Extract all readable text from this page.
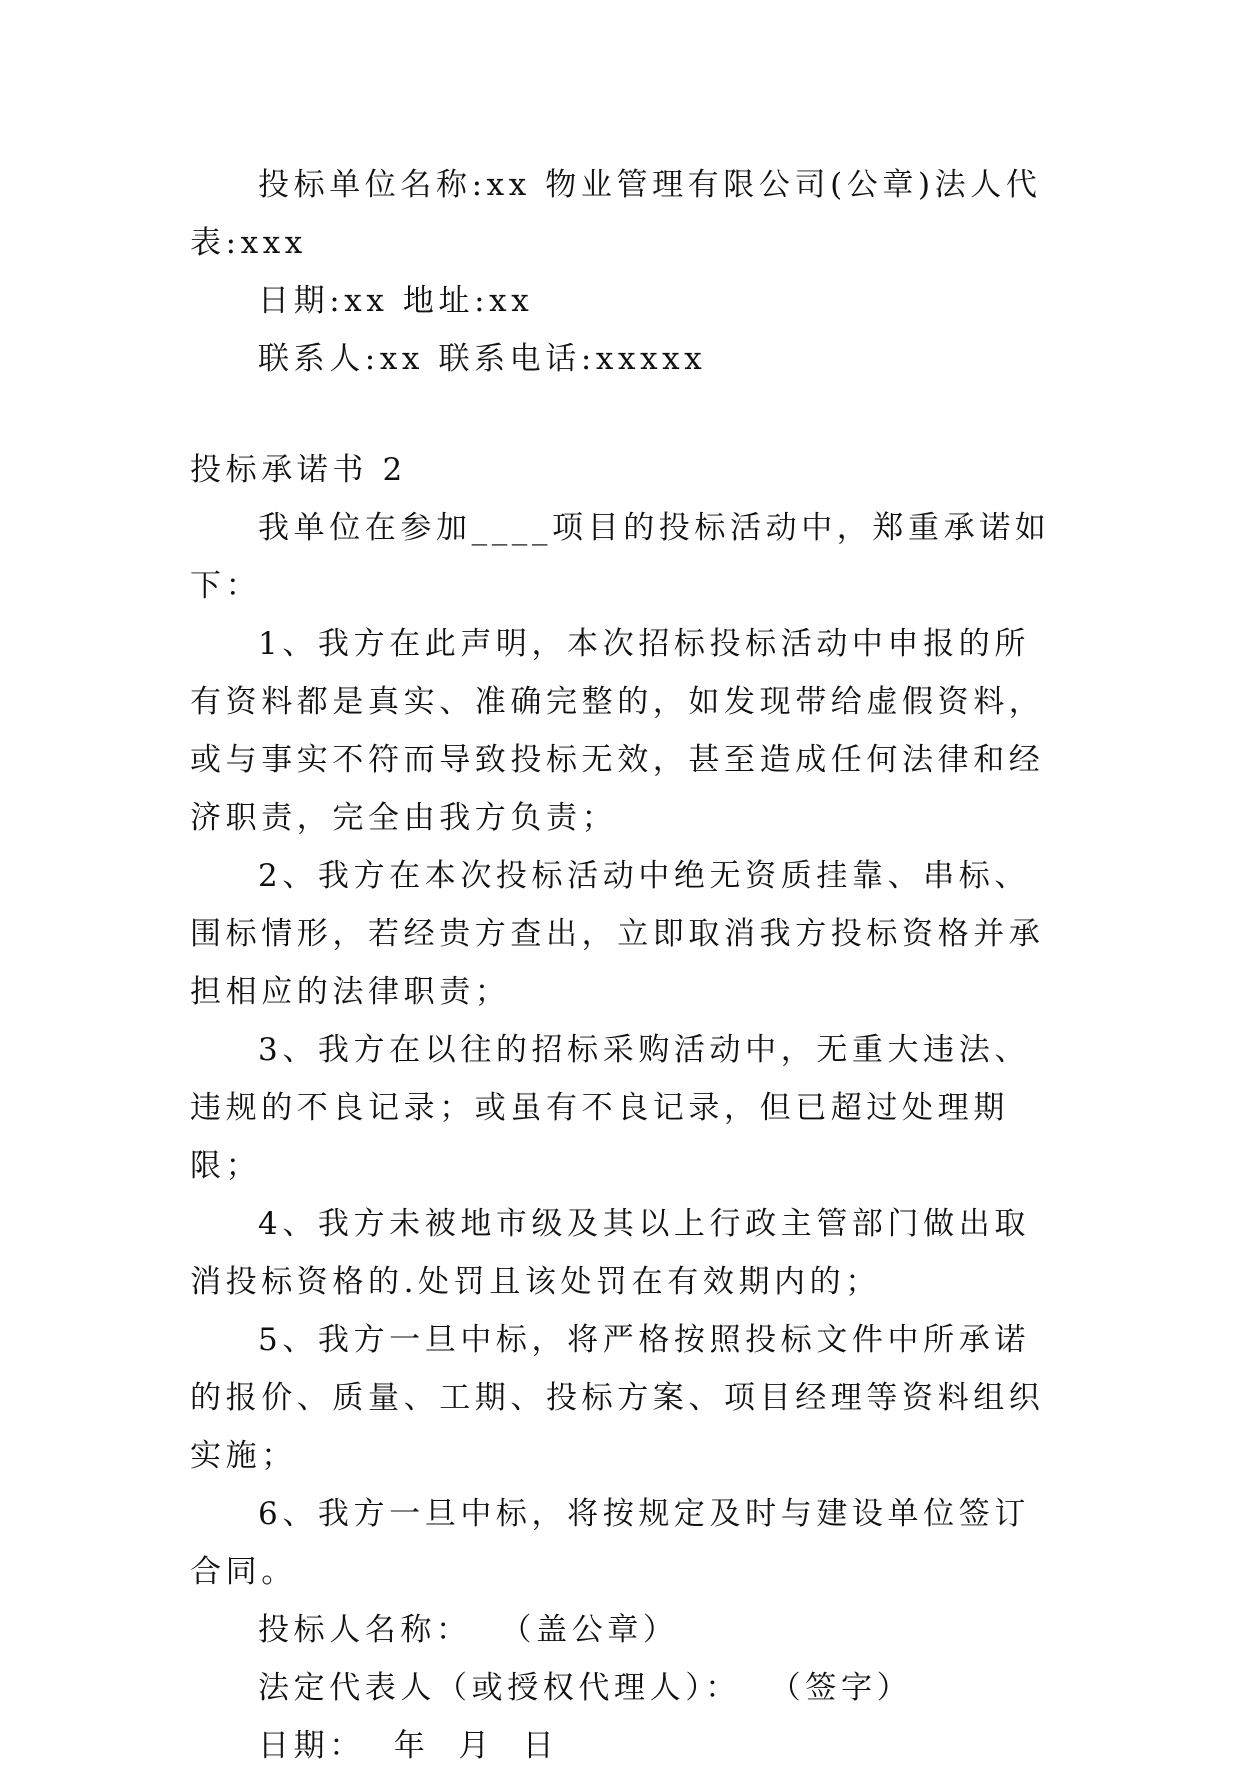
投标单位名称:xx 物业管理有限公司(公章)法人代表:xxx

日期:xx 地址:xx

联系人:xx 联系电话:xxxxx

投标承诺书 2

我单位在参加____项目的投标活动中，郑重承诺如下：

1、我方在此声明，本次招标投标活动中申报的所有资料都是真实、准确完整的，如发现带给虚假资料，或与事实不符而导致投标无效，甚至造成任何法律和经济职责，完全由我方负责；

2、我方在本次投标活动中绝无资质挂靠、串标、围标情形，若经贵方查出，立即取消我方投标资格并承担相应的法律职责；

3、我方在以往的招标采购活动中，无重大违法、违规的不良记录；或虽有不良记录，但已超过处理期限；

4、我方未被地市级及其以上行政主管部门做出取消投标资格的.处罚且该处罚在有效期内的；

5、我方一旦中标，将严格按照投标文件中所承诺的报价、质量、工期、投标方案、项目经理等资料组织实施；

6、我方一旦中标，将按规定及时与建设单位签订合同。

投标人名称：  （盖公章）

法定代表人（或授权代理人）：  （签字）

日期：  年  月  日
